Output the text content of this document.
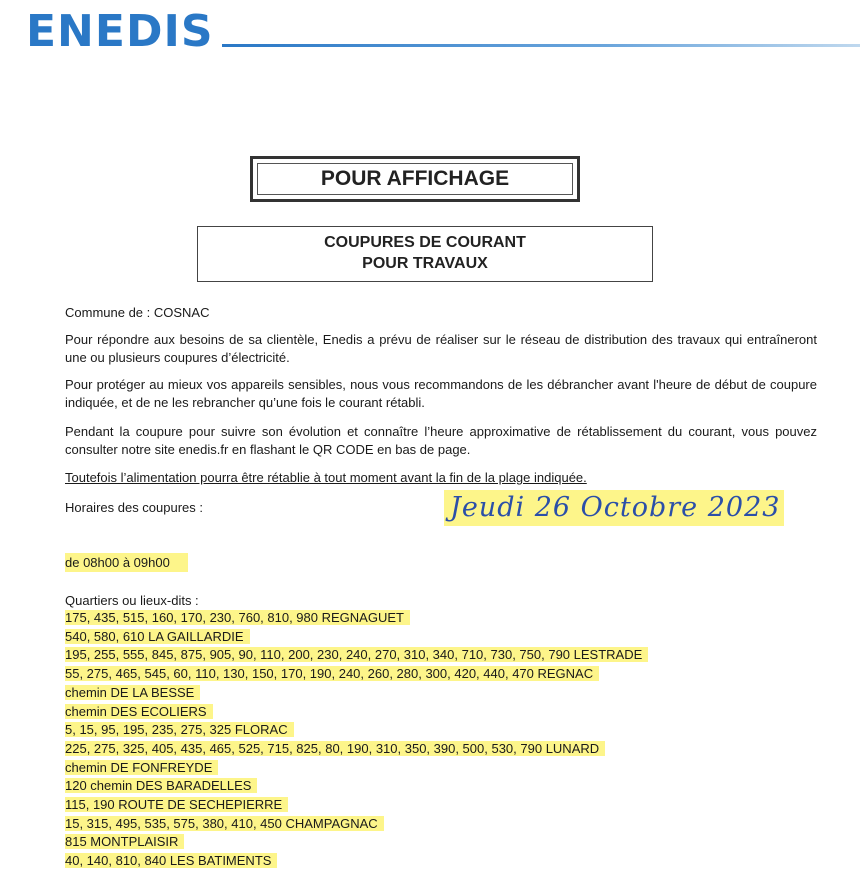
ENEDIS
POUR AFFICHAGE
COUPURES DE COURANT
POUR TRAVAUX
Commune de : COSNAC
Pour répondre aux besoins de sa clientèle, Enedis a prévu de réaliser sur le réseau de distribution des travaux qui entraîneront une ou plusieurs coupures d’électricité.
Pour protéger au mieux vos appareils sensibles, nous vous recommandons de les débrancher avant l'heure de début de coupure indiquée, et de ne les rebrancher qu’une fois le courant rétabli.
Pendant la coupure pour suivre son évolution et connaître l’heure approximative de rétablissement du courant, vous pouvez consulter notre site enedis.fr en flashant le QR CODE en bas de page.
Toutefois l’alimentation pourra être rétablie à tout moment avant la fin de la plage indiquée.
Horaires des coupures :	Jeudi 26 Octobre 2023
de 08h00 à 09h00
Quartiers ou lieux-dits :
175, 435, 515, 160, 170, 230, 760, 810, 980 REGNAGUET
540, 580, 610 LA GAILLARDIE
195, 255, 555, 845, 875, 905, 90, 110, 200, 230, 240, 270, 310, 340, 710, 730, 750, 790 LESTRADE
55, 275, 465, 545, 60, 110, 130, 150, 170, 190, 240, 260, 280, 300, 420, 440, 470 REGNAC
chemin DE LA BESSE
chemin DES ECOLIERS
5, 15, 95, 195, 235, 275, 325 FLORAC
225, 275, 325, 405, 435, 465, 525, 715, 825, 80, 190, 310, 350, 390, 500, 530, 790 LUNARD
chemin DE FONFREYDE
120 chemin DES BARADELLES
115, 190 ROUTE DE SECHEPIERRE
15, 315, 495, 535, 575, 380, 410, 450 CHAMPAGNAC
815 MONTPLAISIR
40, 140, 810, 840 LES BATIMENTS
